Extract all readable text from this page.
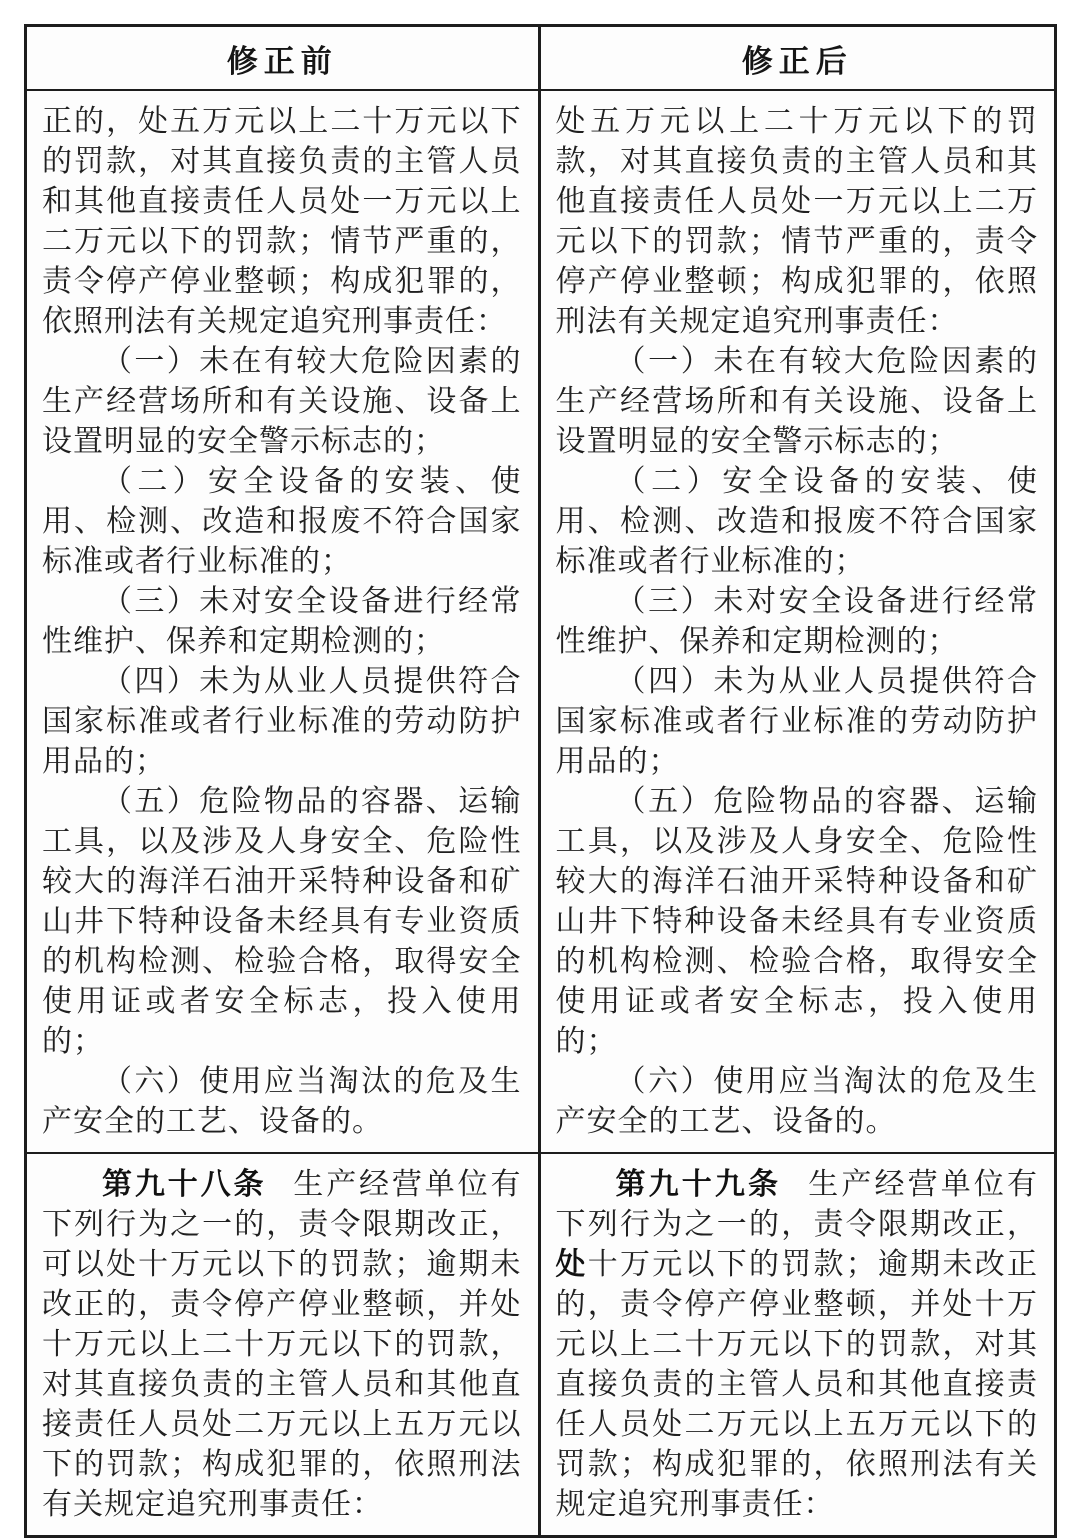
修正前	修正后

正的，处五万元以上二十万元以下的罚款，对其直接负责的主管人员和其他直接责任人员处一万元以上二万元以下的罚款；情节严重的，责令停产停业整顿；构成犯罪的，依照刑法有关规定追究刑事责任：

（一）未在有较大危险因素的生产经营场所和有关设施、设备上设置明显的安全警示标志的；

（二）安全设备的安装、使用、检测、改造和报废不符合国家标准或者行业标准的；

（三）未对安全设备进行经常性维护、保养和定期检测的；

（四）未为从业人员提供符合国家标准或者行业标准的劳动防护用品的；

（五）危险物品的容器、运输工具，以及涉及人身安全、危险性较大的海洋石油开采特种设备和矿山井下特种设备未经具有专业资质的机构检测、检验合格，取得安全使用证或者安全标志，投入使用的；

（六）使用应当淘汰的危及生产安全的工艺、设备的。

处五万元以上二十万元以下的罚款，对其直接负责的主管人员和其他直接责任人员处一万元以上二万元以下的罚款；情节严重的，责令停产停业整顿；构成犯罪的，依照刑法有关规定追究刑事责任：

（一）未在有较大危险因素的生产经营场所和有关设施、设备上设置明显的安全警示标志的；

（二）安全设备的安装、使用、检测、改造和报废不符合国家标准或者行业标准的；

（三）未对安全设备进行经常性维护、保养和定期检测的；

（四）未为从业人员提供符合国家标准或者行业标准的劳动防护用品的；

（五）危险物品的容器、运输工具，以及涉及人身安全、危险性较大的海洋石油开采特种设备和矿山井下特种设备未经具有专业资质的机构检测、检验合格，取得安全使用证或者安全标志，投入使用的；

（六）使用应当淘汰的危及生产安全的工艺、设备的。

第九十八条 生产经营单位有下列行为之一的，责令限期改正，可以处十万元以下的罚款；逾期未改正的，责令停产停业整顿，并处十万元以上二十万元以下的罚款，对其直接负责的主管人员和其他直接责任人员处二万元以上五万元以下的罚款；构成犯罪的，依照刑法有关规定追究刑事责任：

第九十九条 生产经营单位有下列行为之一的，责令限期改正，处十万元以下的罚款；逾期未改正的，责令停产停业整顿，并处十万元以上二十万元以下的罚款，对其直接负责的主管人员和其他直接责任人员处二万元以上五万元以下的罚款；构成犯罪的，依照刑法有关规定追究刑事责任：
